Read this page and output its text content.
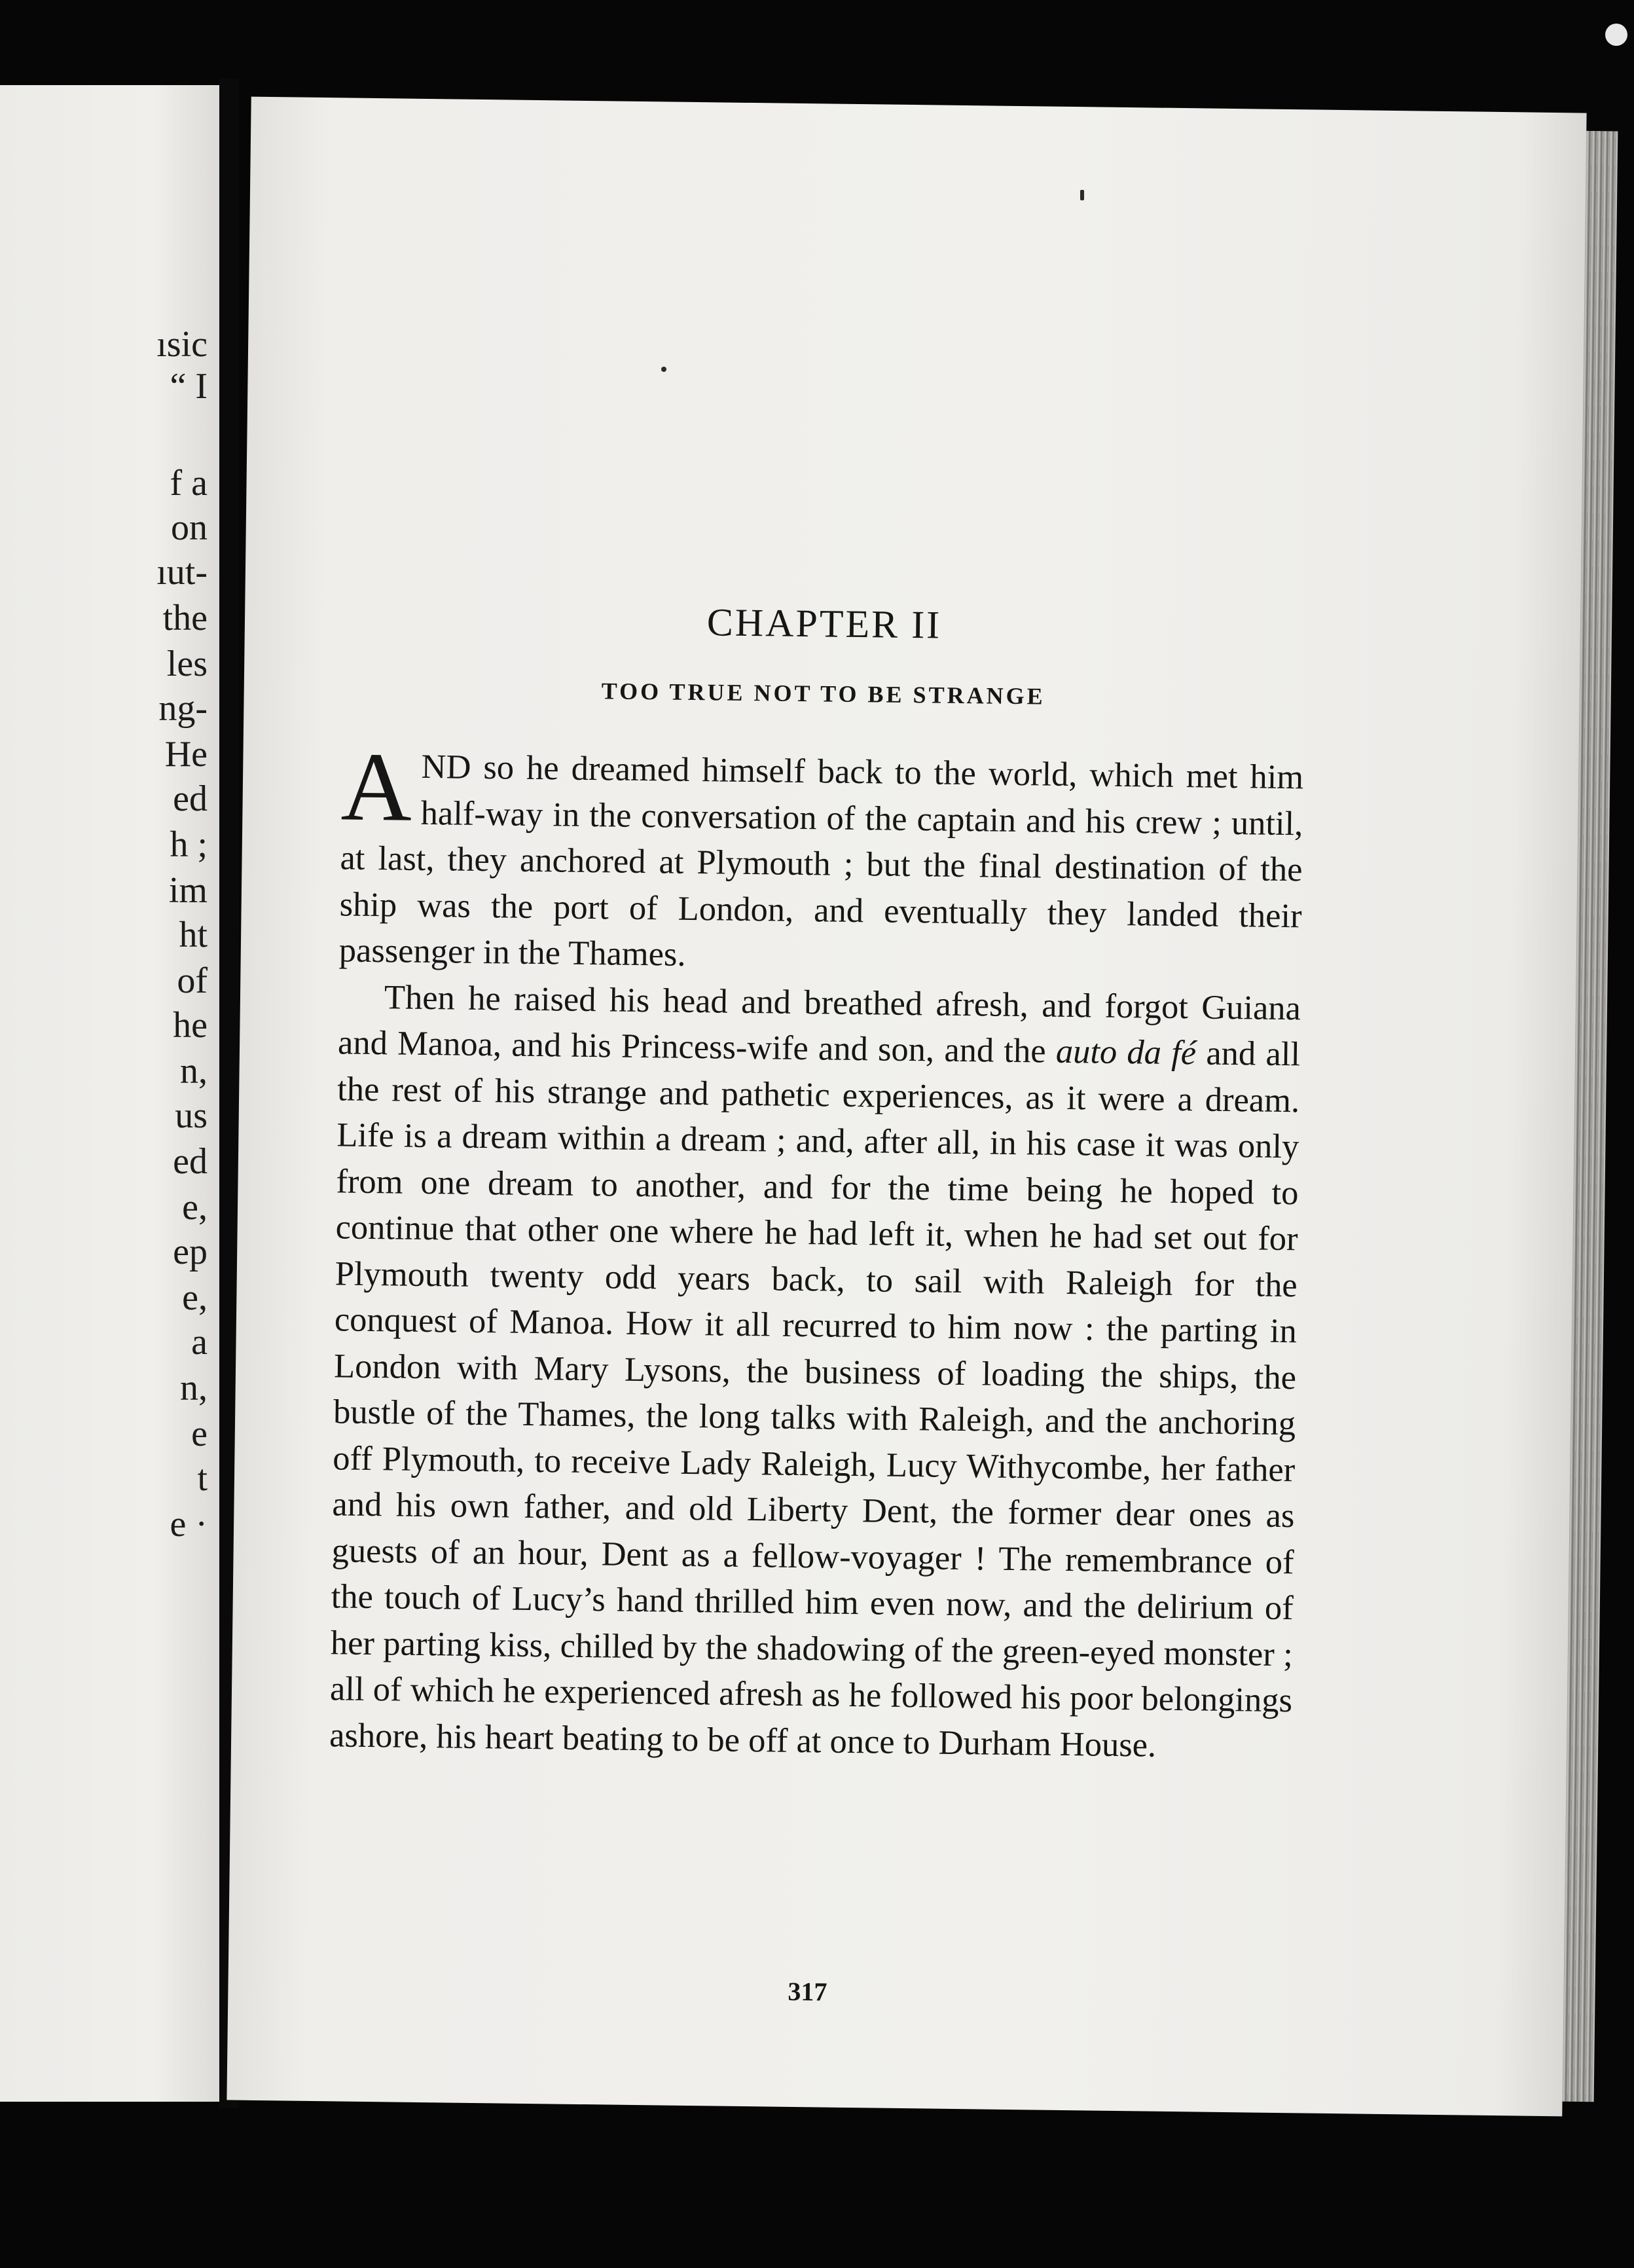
ısic
“ I
f a
on
ıut-
the
les
ng-
He
ed
h ;
im
ht
of
he
n,
us
ed
e,
ep
e,
a
n,
e
t
e ·
CHAPTER II
TOO TRUE NOT TO BE STRANGE

AND so he dreamed himself back to the world, which met him half-way in the conversation of the captain and his crew ; until, at last, they anchored at Plymouth ; but the final destination of the ship was the port of London, and eventually they landed their passenger in the Thames.

Then he raised his head and breathed afresh, and forgot Guiana and Manoa, and his Princess-wife and son, and the auto da fé and all the rest of his strange and pathetic experiences, as it were a dream. Life is a dream within a dream ; and, after all, in his case it was only from one dream to another, and for the time being he hoped to continue that other one where he had left it, when he had set out for Plymouth twenty odd years back, to sail with Raleigh for the conquest of Manoa. How it all recurred to him now : the parting in London with Mary Lysons, the business of loading the ships, the bustle of the Thames, the long talks with Raleigh, and the anchoring off Plymouth, to receive Lady Raleigh, Lucy Withycombe, her father and his own father, and old Liberty Dent, the former dear ones as guests of an hour, Dent as a fellow-voyager ! The remembrance of the touch of Lucy’s hand thrilled him even now, and the delirium of her parting kiss, chilled by the shadowing of the green-eyed monster ; all of which he experienced afresh as he followed his poor belongings ashore, his heart beating to be off at once to Durham House.

317
